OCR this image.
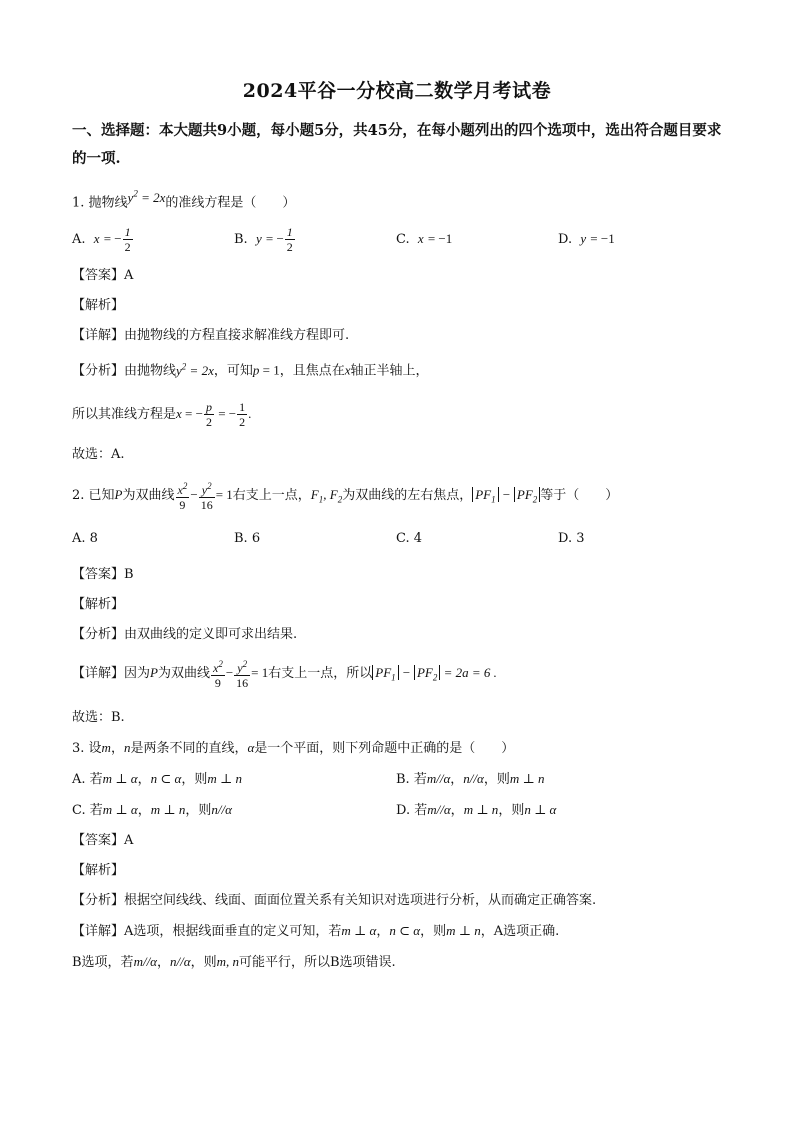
2024平谷一分校高二数学月考试卷
一、选择题：本大题共9小题，每小题5分，共45分，在每小题列出的四个选项中，选出符合题目要求的一项.
1. 抛物线$y^2 = 2x$的准线方程是（　　）
A. x = − $\frac{1}{2}$	B. y = − $\frac{1}{2}$	C. x = −1	D. y = −1
【答案】A
【解析】
【详解】由抛物线的方程直接求解准线方程即可.
【分析】由抛物线$y^2 = 2x$，可知p = 1，且焦点在x轴正半轴上，
所以其准线方程是x = − $\frac{p}{2}$ = − $\frac{1}{2}$ .
故选：A.
2. 已知P为双曲线 $\frac{x^2}{9} - \frac{y^2}{16} = 1$右支上一点，$F_1$, $F_2$为双曲线的左右焦点， $PF_1 - PF_2$ 等于（　　）
A. 8	B. 6	C. 4	D. 3
【答案】B
【解析】
【分析】由双曲线的定义即可求出结果.
【详解】因为P为双曲线 $\frac{x^2}{9} - \frac{y^2}{16} = 1$右支上一点，所以 $PF_1 - PF_2 = 2a = 6$ .
故选：B.
3. 设m，n是两条不同的直线，α是一个平面，则下列命题中正确的是（　　）
A. 若m ⊥ α，n ⊂ α，则m ⊥ n	B. 若m//α，n//α，则m ⊥ n
C. 若m ⊥ α，m ⊥ n，则n//α	D. 若m//α，m ⊥ n，则n ⊥ α
【答案】A
【解析】
【分析】根据空间线线、线面、面面位置关系有关知识对选项进行分析，从而确定正确答案.
【详解】A选项，根据线面垂直的定义可知，若m ⊥ α，n ⊂ α，则m ⊥ n，A选项正确.
B选项，若m//α，n//α，则m, n可能平行，所以B选项错误.
